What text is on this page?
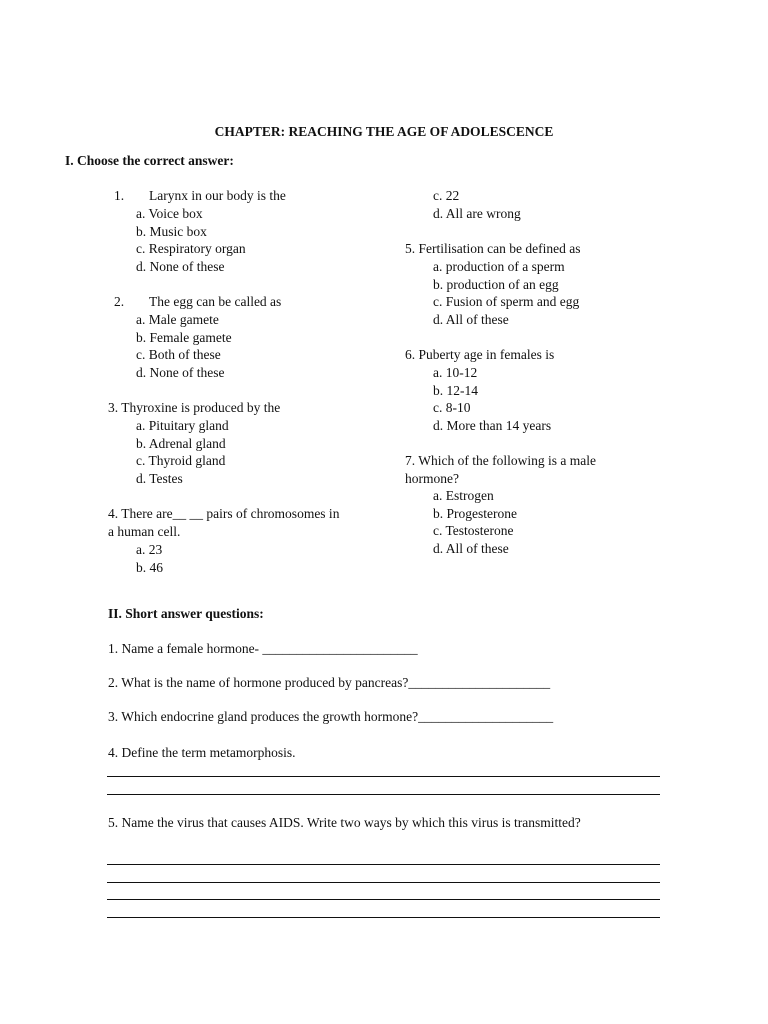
CHAPTER: REACHING THE AGE OF ADOLESCENCE
I. Choose the correct answer:
1. Larynx in our body is the
a. Voice box
b. Music box
c. Respiratory organ
d. None of these
2. The egg can be called as
a. Male gamete
b. Female gamete
c. Both of these
d. None of these
3. Thyroxine is produced by the
a. Pituitary gland
b. Adrenal gland
c. Thyroid gland
d. Testes
4. There are__ __ pairs of chromosomes in
a human cell.
a. 23
b. 46
c. 22
d. All are wrong
5. Fertilisation can be defined as
a. production of a sperm
b. production of an egg
c. Fusion of sperm and egg
d. All of these
6. Puberty age in females is
a. 10-12
b. 12-14
c. 8-10
d. More than 14 years
7. Which of the following is a male
hormone?
a. Estrogen
b. Progesterone
c. Testosterone
d. All of these
II. Short answer questions:
1. Name a female hormone- _______________________
2. What is the name of hormone produced by pancreas?_____________________
3. Which endocrine gland produces the growth hormone?____________________
4. Define the term metamorphosis.
5. Name the virus that causes AIDS. Write two ways by which this virus is transmitted?
